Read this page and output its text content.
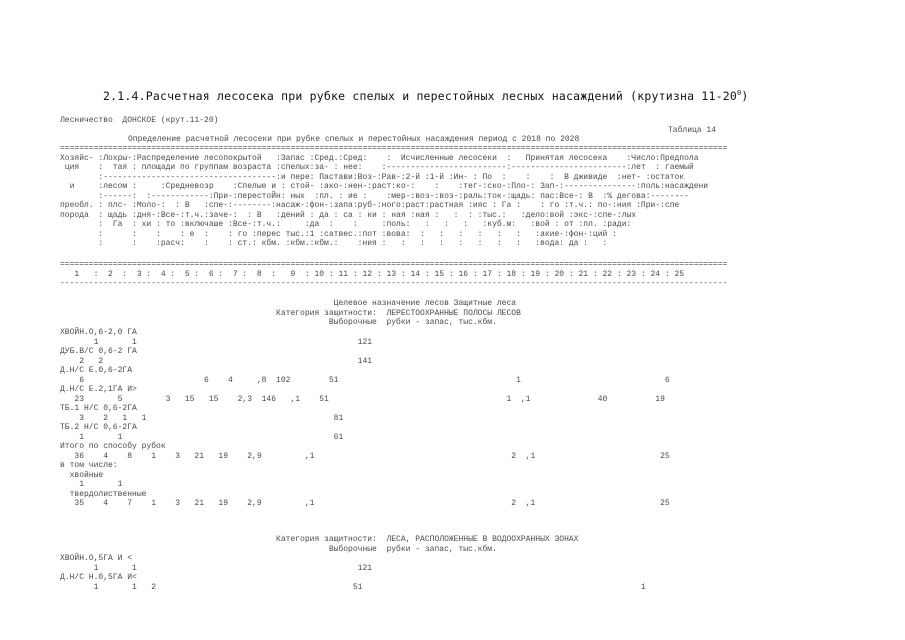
2.1.4.Расчетная лесосека при рубке спелых и перестойных лесных насаждений (крутизна $11-20^0$)
Лесничество  ДОНСКОЕ (крут.11-20)
Таблица 14
Определение расчетной лесосеки при рубке спелых и перестойных насаждения период с 2018 по 2028
===========================================================================================================================================
Хозяйс- :Лохры-:Распределение лесопокрытой   :Запас :Сред.:Сред:    :  Исчисленные лесосеки  :   Принятая лесосека    :Число:Предпола
ция    :  тая : площади по группам возраста :спелых:за- : нее:    :-------------------------:------------------------:лет  : гаемый
:------------------------------------:и пере: Пастави:Воз-:Рав-:2-й :1-й :Ин- : По  :    :    :  В дживиде  :нет- :остаток
и     :лесом :     :Средневозр    :Спелые и : стой- :ако-:нен-:раст:ко-:    :    :тег-:ско-:Пло-: Зап-:---------------:поль:насаждени
:------:  :------------:При-:перестоЙн: ных  :пл. : ие :    :мер-:воз-:воз-:раль:ток-:щадь: пас:Все-: В  :% дегова:--------
преобл. : плс- :Моло-:  : В   :спе-:--------:насаж-:фон-:запа:руб-:ного:раст:растная :ияс : Га :    : го :т.ч.: по-:ния :При-:спе
порода  : щадь :дня-:Все-:т.ч.:заче-:  : В   :дений : да : са : ки : ная :ная :   :  : :тыс.:   :дело:вой :экс-:спе-:лых
:  Га  : хи : то :включаше :Все-:т.ч.:     :да  :    :     :поль:   :   :   :   :куб.м:   :вой : от :пл. :ради:
:      :    :    : е  :    : го :перес тыс.:1 :сатвес.:пот :вова:  :   :   :   :   :   :   :акие-:фон-:ций :
:      :    :расч:    :    : ст.: кбм. :кбм.:кбм.:    :ния :   :   :   :   :   :   :   :   :вода: да :   :
===========================================================================================================================================
1   :  2  :  3 :  4 :  5 :  6 :  7 :  8  :   9  : 10 : 11 : 12 : 13 : 14 : 15 : 16 : 17 : 18 : 19 : 20 : 21 : 22 : 23 : 24 : 25
-------------------------------------------------------------------------------------------------------------------------------------------
Целевое назначение лесов Защитные леса
Категория защитности:  ЛЕРЕСТООХРАННЫЕ ПОЛОСЫ ЛЕСОВ
Выборочные  рубки - запас, тыс.кбм.
ХВОЙН.О,6-2,0 ГА
1       1                                              121
ДУБ.В/С 0,6-2 ГА
2   2                                                     141
Д.Н/С Е.0,6-2ГА
6                         6    4     ,8  102        51                                     1                              6
Д.Н/С Е.2,1ГА И>
23       5         3   15   15    2,3  146   ,1    51                                     1  ,1              40          19
ТБ.1 Н/С 0,6-2ГА
3    2   1   1                                       81
ТБ.2 Н/С 0,6-2ГА
1       1                                            61
Итого по способу рубок
36    4    8    1    3   21   19    2,9         ,1                                         2  ,1                          25
в том числе:
хвойные
1       1
твердолиственные
35    4    7    1    3   21   19    2,9         ,1                                         2  ,1                          25
Категория защитности:  ЛЕСА, РАСПОЛОЖЕННЫЕ В ВОДООХРАННЫХ ЗОНАХ
Выборочные  рубки - запас, тыс.кбм.
ХВОЙН.О,5ГА И <
1       1                                              121
Д.Н/С Н.0,5ГА И<
1       1   2                                         51                                                          1
